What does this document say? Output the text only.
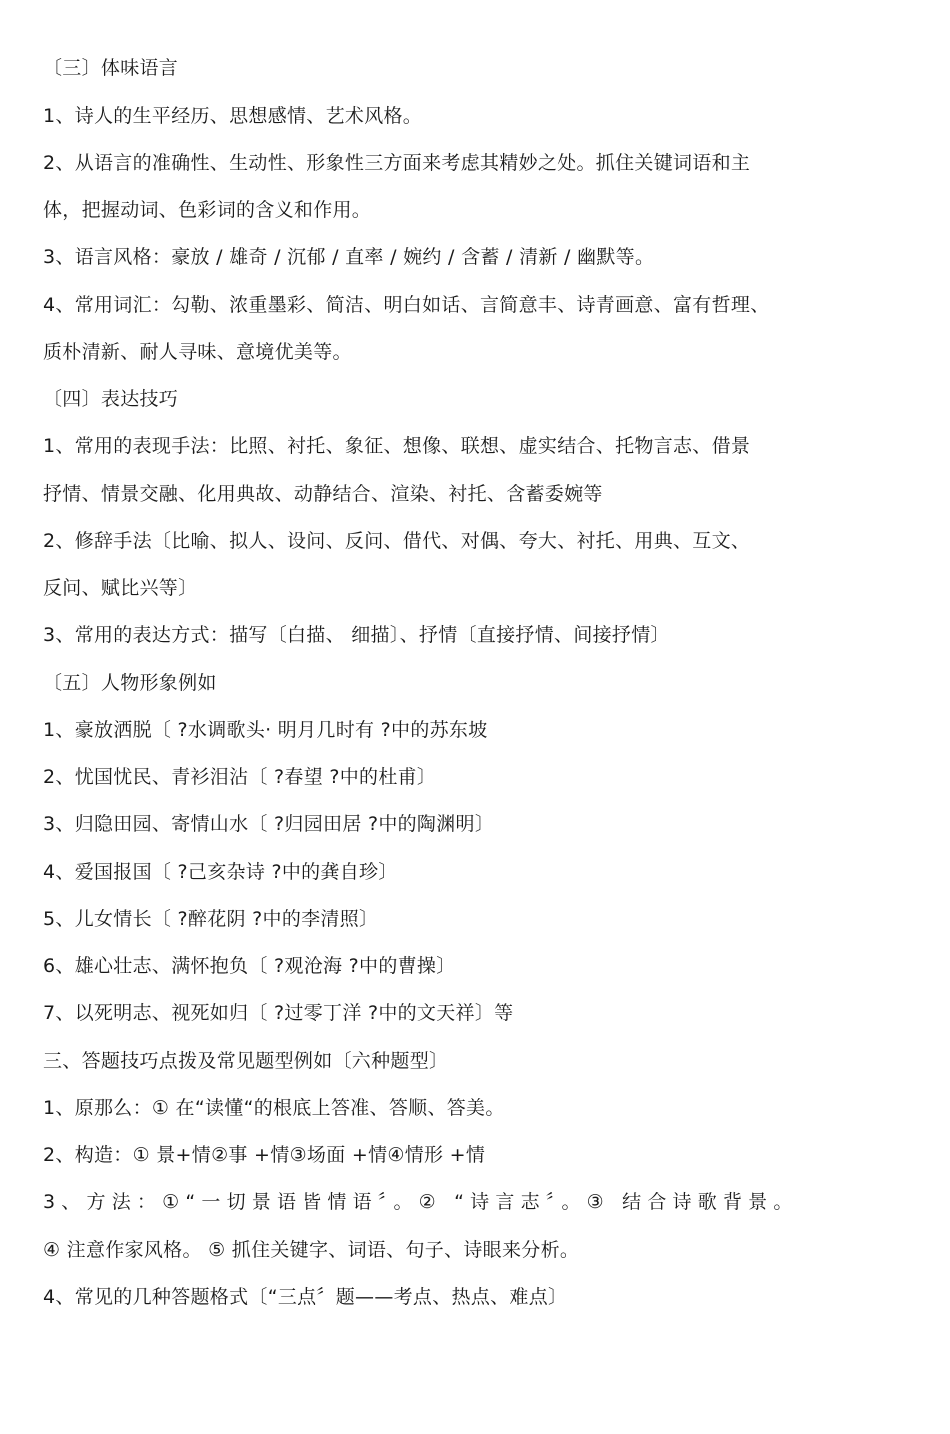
〔三〕体味语言
1、诗人的生平经历、思想感情、艺术风格。
2、从语言的准确性、生动性、形象性三方面来考虑其精妙之处。抓住关键词语和主
体，把握动词、色彩词的含义和作用。
3、语言风格：豪放 / 雄奇 / 沉郁 / 直率 / 婉约 / 含蓄 / 清新 / 幽默等。
4、常用词汇：勾勒、浓重墨彩、简洁、明白如话、言简意丰、诗青画意、富有哲理、
质朴清新、耐人寻味、意境优美等。
〔四〕表达技巧
1、常用的表现手法：比照、衬托、象征、想像、联想、虚实结合、托物言志、借景
抒情、情景交融、化用典故、动静结合、渲染、衬托、含蓄委婉等
2、修辞手法〔比喻、拟人、设问、反问、借代、对偶、夸大、衬托、用典、互文、
反问、赋比兴等〕
3、常用的表达方式：描写〔白描、 细描〕、抒情〔直接抒情、间接抒情〕
〔五〕人物形象例如
1、豪放洒脱〔 ?水调歌头· 明月几时有 ?中的苏东坡
2、忧国忧民、青衫泪沾〔 ?春望 ?中的杜甫〕
3、归隐田园、寄情山水〔 ?归园田居 ?中的陶渊明〕
4、爱国报国〔 ?己亥杂诗 ?中的龚自珍〕
5、儿女情长〔 ?醉花阴 ?中的李清照〕
6、雄心壮志、满怀抱负〔 ?观沧海 ?中的曹操〕
7、以死明志、视死如归〔 ?过零丁洋 ?中的文天祥〕等
三、答题技巧点拨及常见题型例如〔六种题型〕
1、原那么：① 在“读懂“的根底上答准、答顺、答美。
2、构造：① 景+情②事 +情③场面 +情④情形 +情
3、方法：①“一切景语皆情语〞。② “诗言志〞。③ 结合诗歌背景。
④ 注意作家风格。 ⑤ 抓住关键字、词语、句子、诗眼来分析。
4、常见的几种答题格式〔“三点〞题——考点、热点、难点〕
